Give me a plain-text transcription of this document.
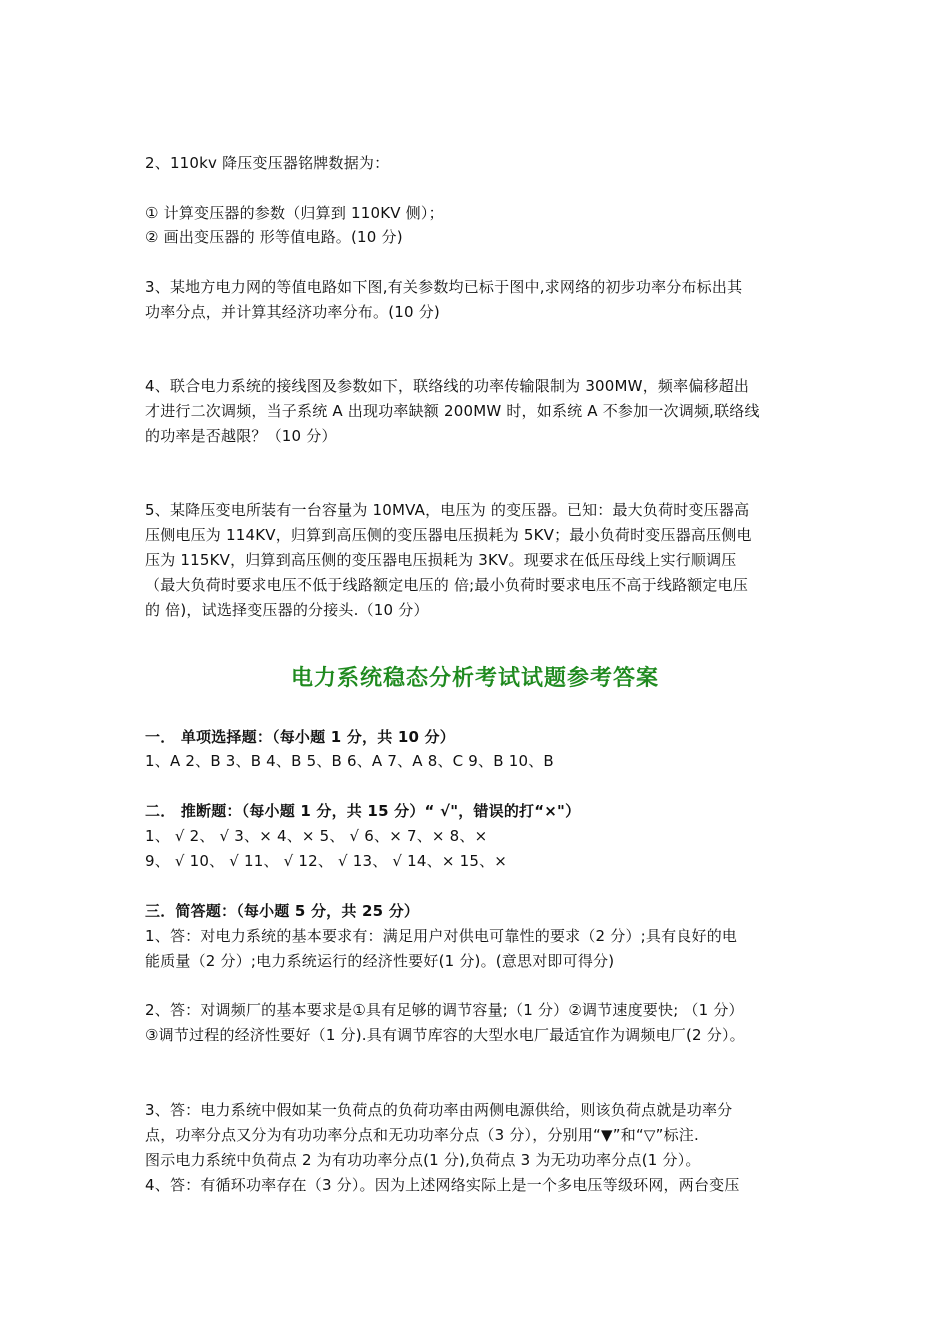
2、110kv 降压变压器铭牌数据为：
① 计算变压器的参数（归算到 110KV 侧）；
② 画出变压器的 形等值电路。(10 分)
3、某地方电力网的等值电路如下图,有关参数均已标于图中,求网络的初步功率分布标出其
功率分点，并计算其经济功率分布。(10 分)
4、联合电力系统的接线图及参数如下，联络线的功率传输限制为 300MW，频率偏移超出
才进行二次调频，当子系统 A 出现功率缺额 200MW 时，如系统 A 不参加一次调频,联络线
的功率是否越限？（10 分）
5、某降压变电所装有一台容量为 10MVA，电压为 的变压器。已知：最大负荷时变压器高
压侧电压为 114KV，归算到高压侧的变压器电压损耗为 5KV；最小负荷时变压器高压侧电
压为 115KV，归算到高压侧的变压器电压损耗为 3KV。现要求在低压母线上实行顺调压
（最大负荷时要求电压不低于线路额定电压的 倍;最小负荷时要求电压不高于线路额定电压
的 倍)，试选择变压器的分接头.（10 分）
电力系统稳态分析考试试题参考答案
一． 单项选择题：（每小题 1 分，共 10 分）
1、A 2、B 3、B 4、B 5、B 6、A 7、A 8、C 9、B 10、B
二． 推断题：（每小题 1 分，共 15 分）“ √"，错误的打“×"）
1、 √ 2、 √ 3、× 4、× 5、 √ 6、× 7、× 8、×
9、 √ 10、 √ 11、 √ 12、 √ 13、 √ 14、× 15、×
三．简答题：（每小题 5 分，共 25 分）
1、答：对电力系统的基本要求有：满足用户对供电可靠性的要求（2 分）;具有良好的电
能质量（2 分）;电力系统运行的经济性要好(1 分)。(意思对即可得分)
2、答：对调频厂的基本要求是①具有足够的调节容量;（1 分）②调节速度要快; （1 分）
③调节过程的经济性要好（1 分).具有调节库容的大型水电厂最适宜作为调频电厂(2 分）。
3、答：电力系统中假如某一负荷点的负荷功率由两侧电源供给，则该负荷点就是功率分
点，功率分点又分为有功功率分点和无功功率分点（3 分），分别用“▼”和“▽”标注.
图示电力系统中负荷点 2 为有功功率分点(1 分),负荷点 3 为无功功率分点(1 分）。
4、答：有循环功率存在（3 分）。因为上述网络实际上是一个多电压等级环网，两台变压
